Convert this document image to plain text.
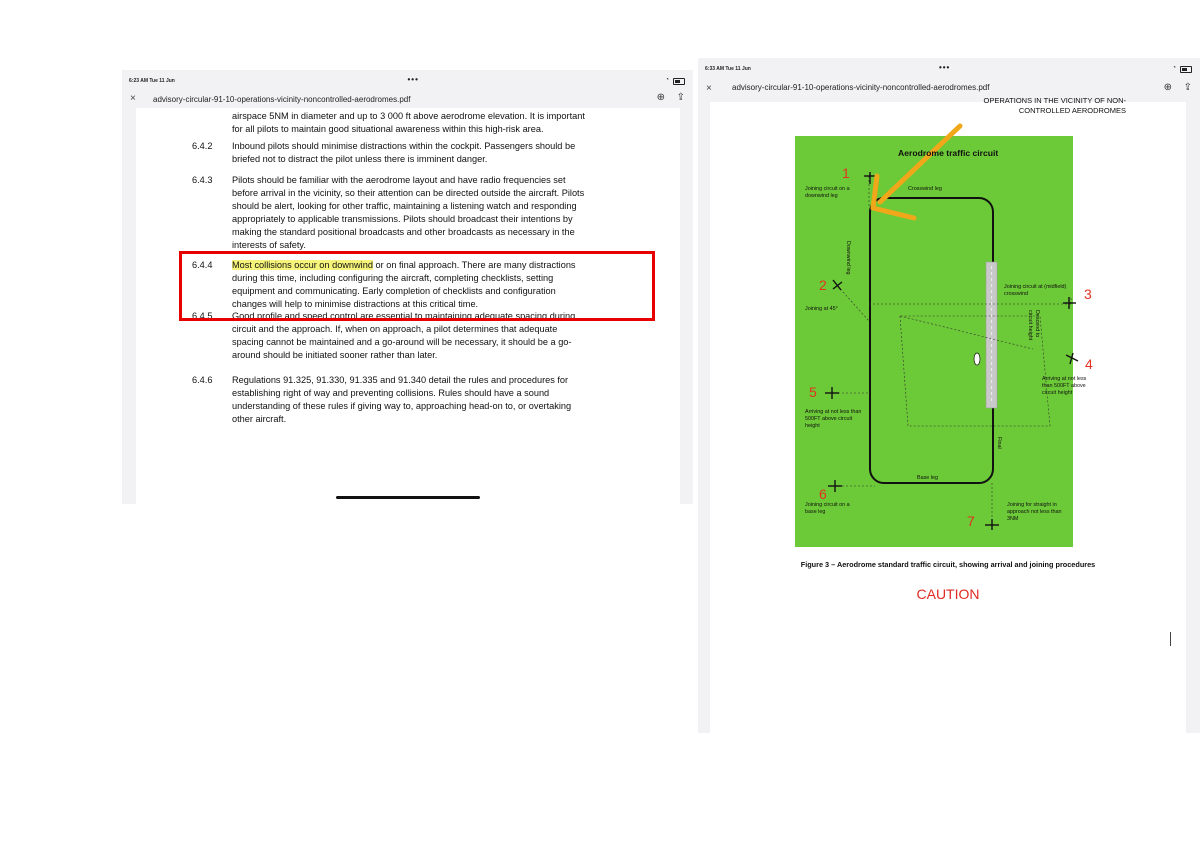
6:23 AM Tue 11 Jun	•••	◔
× advisory-circular-91-10-operations-vicinity-noncontrolled-aerodromes.pdf	⊕ ⇪
airspace 5NM in diameter and up to 3 000 ft above aerodrome elevation. It is important
for all pilots to maintain good situational awareness within this high-risk area.
6.4.2 Inbound pilots should minimise distractions within the cockpit. Passengers should be
briefed not to distract the pilot unless there is imminent danger.
6.4.3 Pilots should be familiar with the aerodrome layout and have radio frequencies set
before arrival in the vicinity, so their attention can be directed outside the aircraft. Pilots
should be alert, looking for other traffic, maintaining a listening watch and responding
appropriately to applicable transmissions. Pilots should broadcast their intentions by
making the standard positional broadcasts and other broadcasts as necessary in the
interests of safety.
6.4.4 Most collisions occur on downwind or on final approach. There are many distractions
during this time, including configuring the aircraft, completing checklists, setting
equipment and communicating. Early completion of checklists and configuration
changes will help to minimise distractions at this critical time.
6.4.5 Good profile and speed control are essential to maintaining adequate spacing during
circuit and the approach. If, when on approach, a pilot determines that adequate
spacing cannot be maintained and a go-around will be necessary, it should be a go-
around should be initiated sooner rather than later.
6.4.6 Regulations 91.325, 91.330, 91.335 and 91.340 detail the rules and procedures for
establishing right of way and preventing collisions. Rules should have a sound
understanding of these rules if giving way to, approaching head-on to, or overtaking
other aircraft.
6:33 AM Tue 11 Jun	•••	◔
×	advisory-circular-91-10-operations-vicinity-noncontrolled-aerodromes.pdf	⊕ ⇪
OPERATIONS IN THE VICINITY OF NON-
CONTROLLED AERODROMES
Aerodrome traffic circuit
Crosswind leg
Downwind leg
Base leg
Final
Descend to circuit height
1
Joining circuit on a downwind leg
2
Joining at 45°
3
Joining circuit at (midfield) crosswind
4
Arriving at not less than 500FT above circuit height
5
Arriving at not less than 500FT above circuit height
6
Joining circuit on a base leg
7
Joining for straight in approach not less than 3NM
Figure 3 – Aerodrome standard traffic circuit, showing arrival and joining procedures
CAUTION
